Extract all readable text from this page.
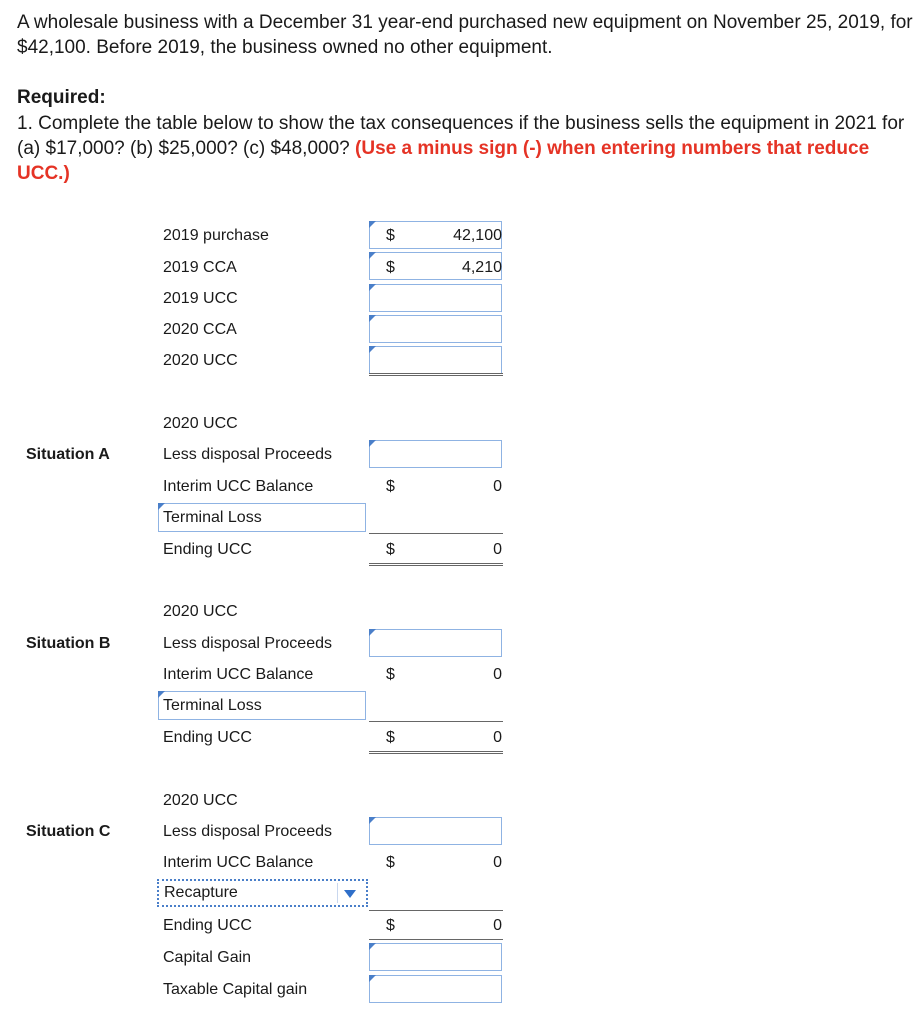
A wholesale business with a December 31 year-end purchased new equipment on November 25, 2019, for $42,100. Before 2019, the business owned no other equipment.
Required:
1. Complete the table below to show the tax consequences if the business sells the equipment in 2021 for (a) $17,000? (b) $25,000? (c) $48,000? (Use a minus sign (-) when entering numbers that reduce UCC.)
2019 purchase	$	42,100
2019 CCA	$	4,210
2019 UCC
2020 CCA
2020 UCC
2020 UCC
Situation A	Less disposal Proceeds
Interim UCC Balance	$	0
Terminal Loss
Ending UCC	$	0
2020 UCC
Situation B	Less disposal Proceeds
Interim UCC Balance	$	0
Terminal Loss
Ending UCC	$	0
2020 UCC
Situation C	Less disposal Proceeds
Interim UCC Balance	$	0
Recapture
Ending UCC	$	0
Capital Gain
Taxable Capital gain
